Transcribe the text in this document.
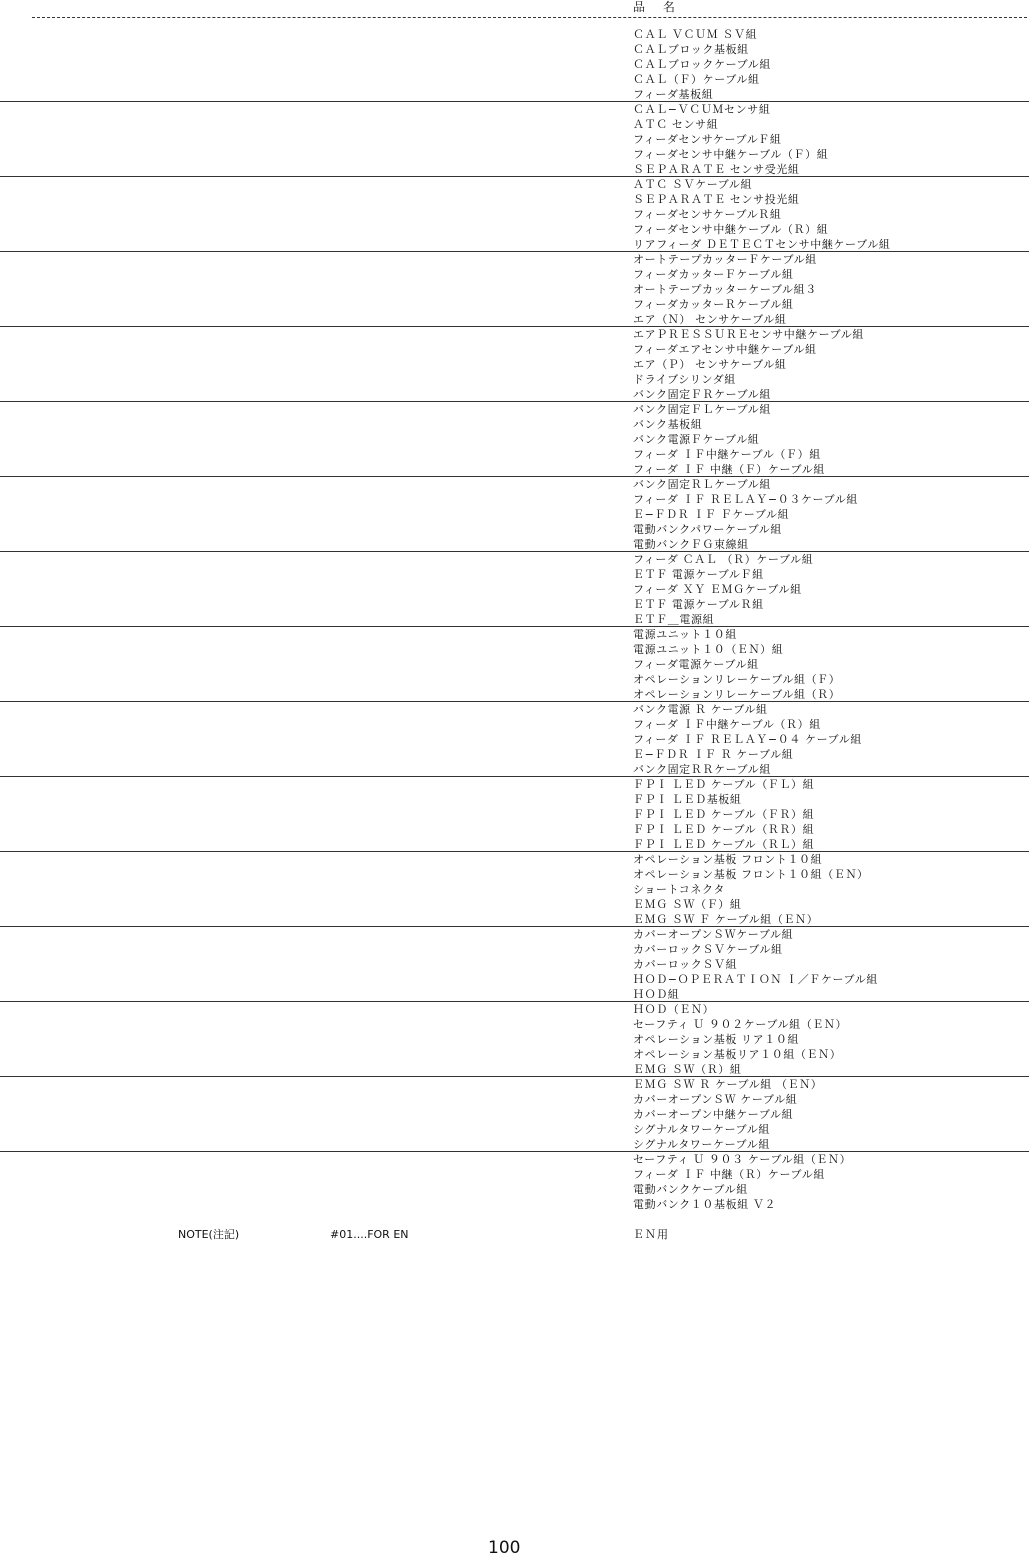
品 名
ＣＡＬ ＶＣＵＭ ＳＶ組
ＣＡＬブロック基板組
ＣＡＬブロックケーブル組
ＣＡＬ（Ｆ）ケーブル組
フィーダ基板組
ＣＡＬ−ＶＣＵＭセンサ組
ＡＴＣ センサ組
フィーダセンサケーブルＦ組
フィーダセンサ中継ケーブル（Ｆ）組
ＳＥＰＡＲＡＴＥ センサ受光組
ＡＴＣ ＳＶケーブル組
ＳＥＰＡＲＡＴＥ センサ投光組
フィーダセンサケーブルＲ組
フィーダセンサ中継ケーブル（Ｒ）組
リアフィーダ ＤＥＴＥＣＴセンサ中継ケーブル組
オートテープカッターＦケーブル組
フィーダカッターＦケーブル組
オートテープカッターケーブル組３
フィーダカッターＲケーブル組
エア（Ｎ） センサケーブル組
エアＰＲＥＳＳＵＲＥセンサ中継ケーブル組
フィーダエアセンサ中継ケーブル組
エア（Ｐ） センサケーブル組
ドライブシリンダ組
バンク固定ＦＲケーブル組
バンク固定ＦＬケーブル組
バンク基板組
バンク電源Ｆケーブル組
フィーダ ＩＦ中継ケーブル（Ｆ）組
フィーダ ＩＦ 中継（Ｆ）ケーブル組
バンク固定ＲＬケーブル組
フィーダ ＩＦ ＲＥＬＡＹ−０３ケーブル組
Ｅ−ＦＤＲ ＩＦ Ｆケーブル組
電動バンクパワーケーブル組
電動バンクＦＧ束線組
フィーダ ＣＡＬ （Ｒ）ケーブル組
ＥＴＦ 電源ケーブルＦ組
フィーダ ＸＹ ＥＭＧケーブル組
ＥＴＦ 電源ケーブルＲ組
ＥＴＦ＿電源組
電源ユニット１０組
電源ユニット１０（ＥＮ）組
フィーダ電源ケーブル組
オペレーションリレーケーブル組（Ｆ）
オペレーションリレーケーブル組（Ｒ）
バンク電源 Ｒ ケーブル組
フィーダ ＩＦ中継ケーブル（Ｒ）組
フィーダ ＩＦ ＲＥＬＡＹ−０４ ケーブル組
Ｅ−ＦＤＲ ＩＦ Ｒ ケーブル組
バンク固定ＲＲケーブル組
ＦＰＩ ＬＥＤ ケーブル（ＦＬ）組
ＦＰＩ ＬＥＤ基板組
ＦＰＩ ＬＥＤ ケーブル（ＦＲ）組
ＦＰＩ ＬＥＤ ケーブル（ＲＲ）組
ＦＰＩ ＬＥＤ ケーブル（ＲＬ）組
オペレーション基板 フロント１０組
オペレーション基板 フロント１０組（ＥＮ）
ショートコネクタ
ＥＭＧ ＳＷ（Ｆ）組
ＥＭＧ ＳＷ Ｆ ケーブル組（ＥＮ）
カバーオープンＳＷケーブル組
カバーロックＳＶケーブル組
カバーロックＳＶ組
ＨＯＤ−ＯＰＥＲＡＴＩＯＮ Ｉ／Ｆケーブル組
ＨＯＤ組
ＨＯＤ（ＥＮ）
セーフティ Ｕ ９０２ケーブル組（ＥＮ）
オペレーション基板 リア１０組
オペレーション基板リア１０組（ＥＮ）
ＥＭＧ ＳＷ（Ｒ）組
ＥＭＧ ＳＷ Ｒ ケーブル組 （ＥＮ）
カバーオープンＳＷ ケーブル組
カバーオープン中継ケーブル組
シグナルタワーケーブル組
シグナルタワーケーブル組
セーフティ Ｕ ９０３ ケーブル組（ＥＮ）
フィーダ ＩＦ 中継（Ｒ）ケーブル組
電動バンクケーブル組
電動バンク１０基板組 Ｖ２
NOTE(注記)	#01....FOR EN	ＥＮ用
100
